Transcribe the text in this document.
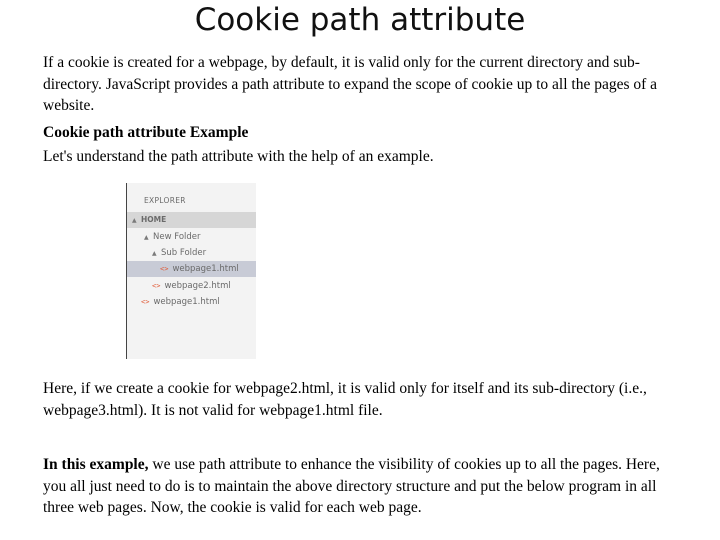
Cookie path attribute
If a cookie is created for a webpage, by default, it is valid only for the current directory and sub-directory. JavaScript provides a path attribute to expand the scope of cookie up to all the pages of a website.
Cookie path attribute Example
Let's understand the path attribute with the help of an example.
EXPLORER
▲ HOME
▲ New Folder
▲ Sub Folder
<> webpage1.html
<> webpage2.html
<> webpage1.html
Here, if we create a cookie for webpage2.html, it is valid only for itself and its sub-directory (i.e., webpage3.html). It is not valid for webpage1.html file.
In this example, we use path attribute to enhance the visibility of cookies up to all the pages. Here, you all just need to do is to maintain the above directory structure and put the below program in all three web pages. Now, the cookie is valid for each web page.
